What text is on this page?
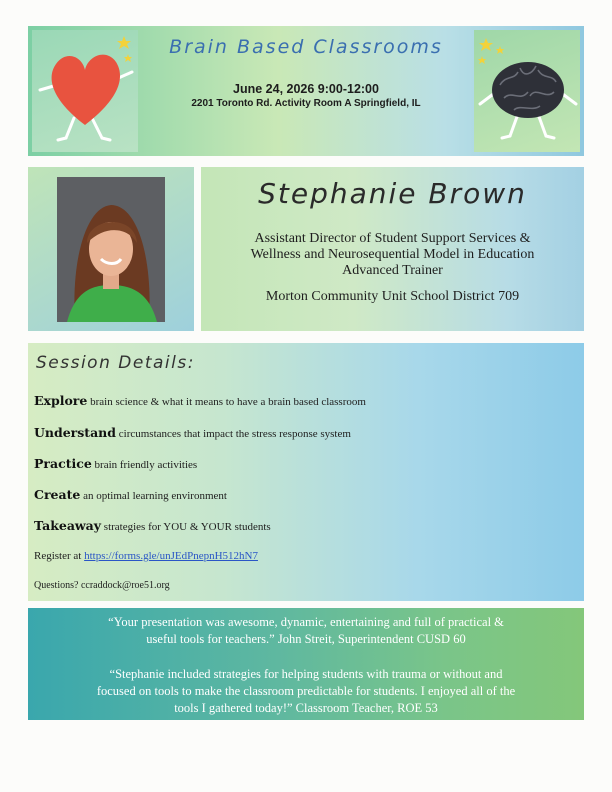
Brain Based Classrooms
June 24, 2026 9:00-12:00
2201 Toronto Rd. Activity Room A Springfield, IL
Stephanie Brown
Assistant Director of Student Support Services &
Wellness and Neurosequential Model in Education
Advanced Trainer
Morton Community Unit School District 709
Session Details:
Explore brain science & what it means to have a brain based classroom
Understand circumstances that impact the stress response system
Practice brain friendly activities
Create an optimal learning environment
Takeaway strategies for YOU & YOUR students
Register at https://forms.gle/unJEdPnepnH512hN7
Questions? ccraddock@roe51.org
“Your presentation was awesome, dynamic, entertaining and full of practical &
useful tools for teachers.” John Streit, Superintendent CUSD 60
“Stephanie included strategies for helping students with trauma or without and
focused on tools to make the classroom predictable for students. I enjoyed all of the
tools I gathered today!” Classroom Teacher, ROE 53
